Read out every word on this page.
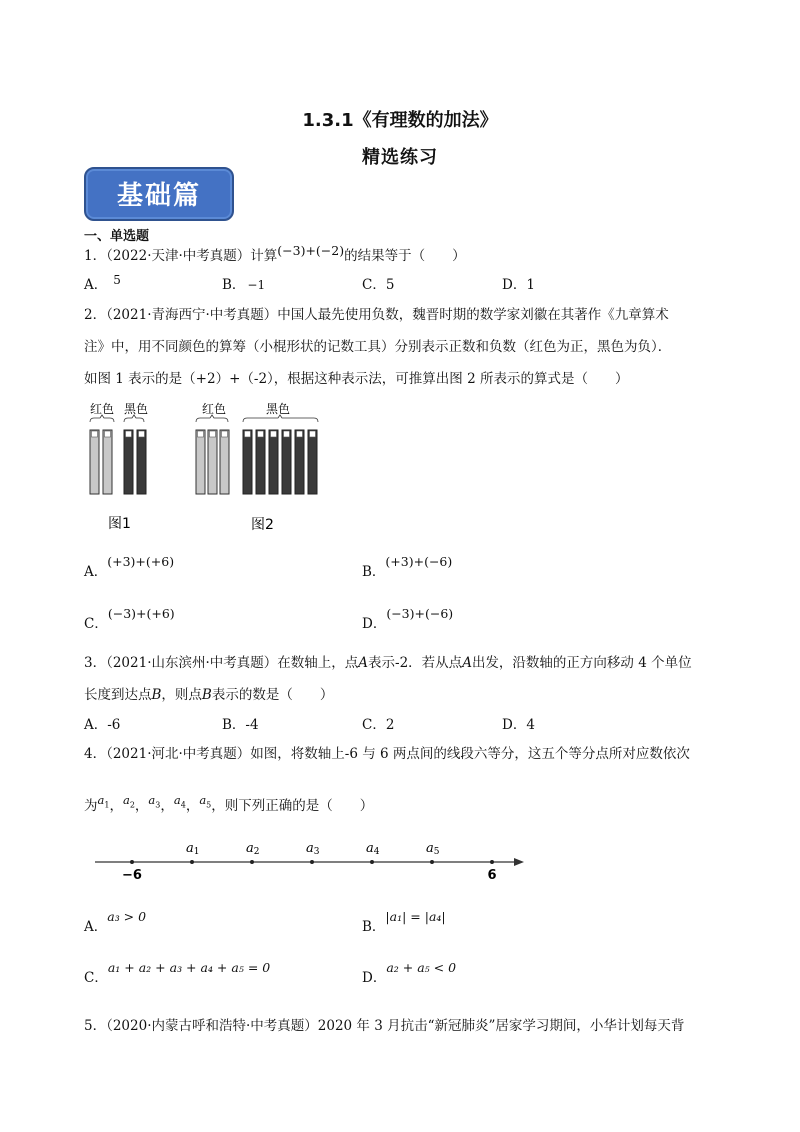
1.3.1《有理数的加法》
精选练习
基础篇
一、单选题
1．（2022·天津·中考真题）计算(−3)+(−2)的结果等于（　　）
A． 5	B． −1	C．5	D．1
2．（2021·青海西宁·中考真题）中国人最先使用负数，魏晋时期的数学家刘徽在其著作《九章算术
注》中，用不同颜色的算筹（小棍形状的记数工具）分别表示正数和负数（红色为正，黑色为负）．
如图 1 表示的是（+2）+（-2），根据这种表示法，可推算出图 2 所表示的算式是（　　）
红色 黑色
图1
红色	黑色
图2
A．(+3)+(+6)
B．(+3)+(−6)
C．(−3)+(+6)
D．(−3)+(−6)
3．（2021·山东滨州·中考真题）在数轴上，点A表示-2．若从点A出发，沿数轴的正方向移动 4 个单位
长度到达点B，则点B表示的数是（　　）
A．-6	B．-4	C．2	D．4
4．（2021·河北·中考真题）如图，将数轴上-6 与 6 两点间的线段六等分，这五个等分点所对应数依次
为$a_1$，$a_2$，$a_3$，$a_4$，$a_5$，则下列正确的是（　　）
a1	a2	a3	a4	a5
−6	6
A．a₃ > 0
B．|a₁| = |a₄|
C．a₁ + a₂ + a₃ + a₄ + a₅ = 0
D．a₂ + a₅ < 0
5．（2020·内蒙古呼和浩特·中考真题）2020 年 3 月抗击“新冠肺炎”居家学习期间，小华计划每天背
